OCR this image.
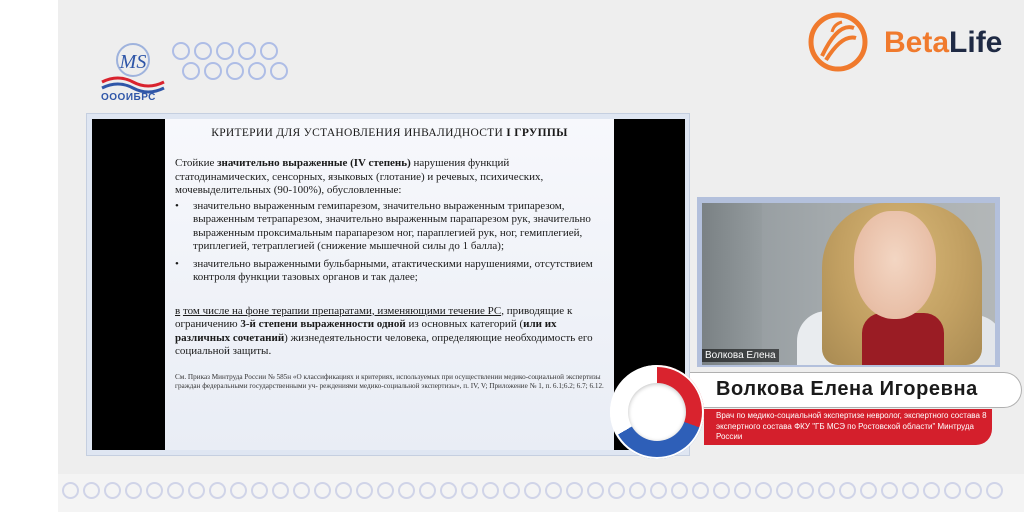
MS
ОООИБРС
BetaLife
КРИТЕРИИ ДЛЯ УСТАНОВЛЕНИЯ ИНВАЛИДНОСТИ I ГРУППЫ
Стойкие значительно выраженные (IV степень) нарушения функций статодинамических, сенсорных, языковых (глотание) и речевых, психических, мочевыделительных (90-100%), обусловленные:
• значительно выраженным гемипарезом, значительно выраженным трипарезом, выраженным тетрапарезом, значительно выраженным парапарезом рук, значительно выраженным проксимальным парапарезом ног, параплегией рук, ног, гемиплегией, триплегией, тетраплегией (снижение мышечной силы до 1 балла);
• значительно выраженными бульбарными, атактическими нарушениями, отсутствием контроля функции тазовых органов и так далее;
в том числе на фоне терапии препаратами, изменяющими течение РС, приводящие к ограничению 3-й степени выраженности одной из основных категорий (или их различных сочетаний) жизнедеятельности человека, определяющие необходимость его социальной защиты.
См. Приказ Минтруда России № 585н «О классификациях и критериях, используемых при осуществлении медико-социальной экспертизы граждан федеральными государственными уч- реждениями медико-социальной экспертизы», п. IV, V; Приложение № 1, п. 6.1;6.2; 6.7; 6.12.
Волкова Елена
Волкова Елена Игоревна
Врач по медико-социальной экспертизе невролог, экспертного состава 8 экспертного состава ФКУ "ГБ МСЭ по Ростовской области" Минтруда России
